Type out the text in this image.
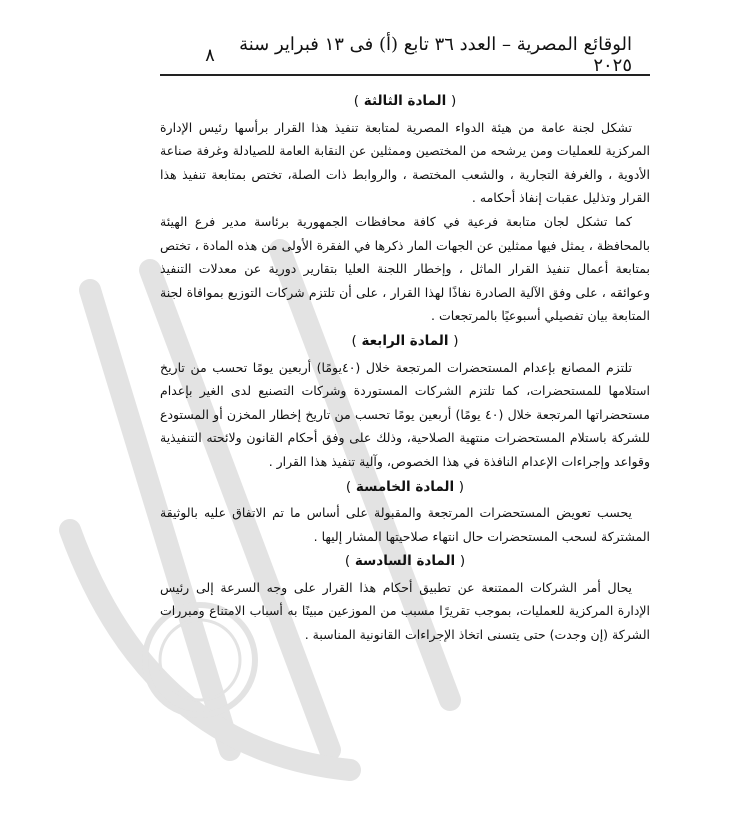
الوقائع المصرية – العدد ٣٦ تابع (أ) فى ١٣ فبراير سنة ٢٠٢٥
٨
( المادة الثالثة )

تشكل لجنة عامة من هيئة الدواء المصرية لمتابعة تنفيذ هذا القرار برأسها رئيس الإدارة المركزية للعمليات ومن يرشحه من المختصين وممثلين عن النقابة العامة للصيادلة وغرفة صناعة الأدوية ، والغرفة التجارية ، والشعب المختصة ، والروابط ذات الصلة، تختص بمتابعة تنفيذ هذا القرار وتذليل عقبات إنفاذ أحكامه .

كما تشكل لجان متابعة فرعية في كافة محافظات الجمهورية برئاسة مدير فرع الهيئة بالمحافظة ، يمثل فيها ممثلين عن الجهات المار ذكرها في الفقرة الأولى من هذه المادة ، تختص بمتابعة أعمال تنفيذ القرار الماثل ، وإخطار اللجنة العليا بتقارير دورية عن معدلات التنفيذ وعوائقه ، على وفق الآلية الصادرة نفاذًا لهذا القرار ، على أن تلتزم شركات التوزيع بموافاة لجنة المتابعة بيان تفصيلي أسبوعيًا بالمرتجعات .

( المادة الرابعة )

تلتزم المصانع بإعدام المستحضرات المرتجعة خلال (٤٠يومًا) أربعين يومًا تحسب من تاريخ استلامها للمستحضرات، كما تلتزم الشركات المستوردة وشركات التصنيع لدى الغير بإعدام مستحضراتها المرتجعة خلال (٤٠ يومًا) أربعين يومًا تحسب من تاريخ إخطار المخزن أو المستودع للشركة باستلام المستحضرات منتهية الصلاحية، وذلك على وفق أحكام القانون ولائحته التنفيذية وقواعد وإجراءات الإعدام النافذة في هذا الخصوص، وآلية تنفيذ هذا القرار .

( المادة الخامسة )

يحسب تعويض المستحضرات المرتجعة والمقبولة على أساس ما تم الاتفاق عليه بالوثيقة المشتركة لسحب المستحضرات حال انتهاء صلاحيتها المشار إليها .

( المادة السادسة )

يحال أمر الشركات الممتنعة عن تطبيق أحكام هذا القرار على وجه السرعة إلى رئيس الإدارة المركزية للعمليات، بموجب تقريرًا مسبب من الموزعين مبينًا به أسباب الامتناع ومبررات الشركة (إن وجدت) حتى يتسنى اتخاذ الإجراءات القانونية المناسبة .
